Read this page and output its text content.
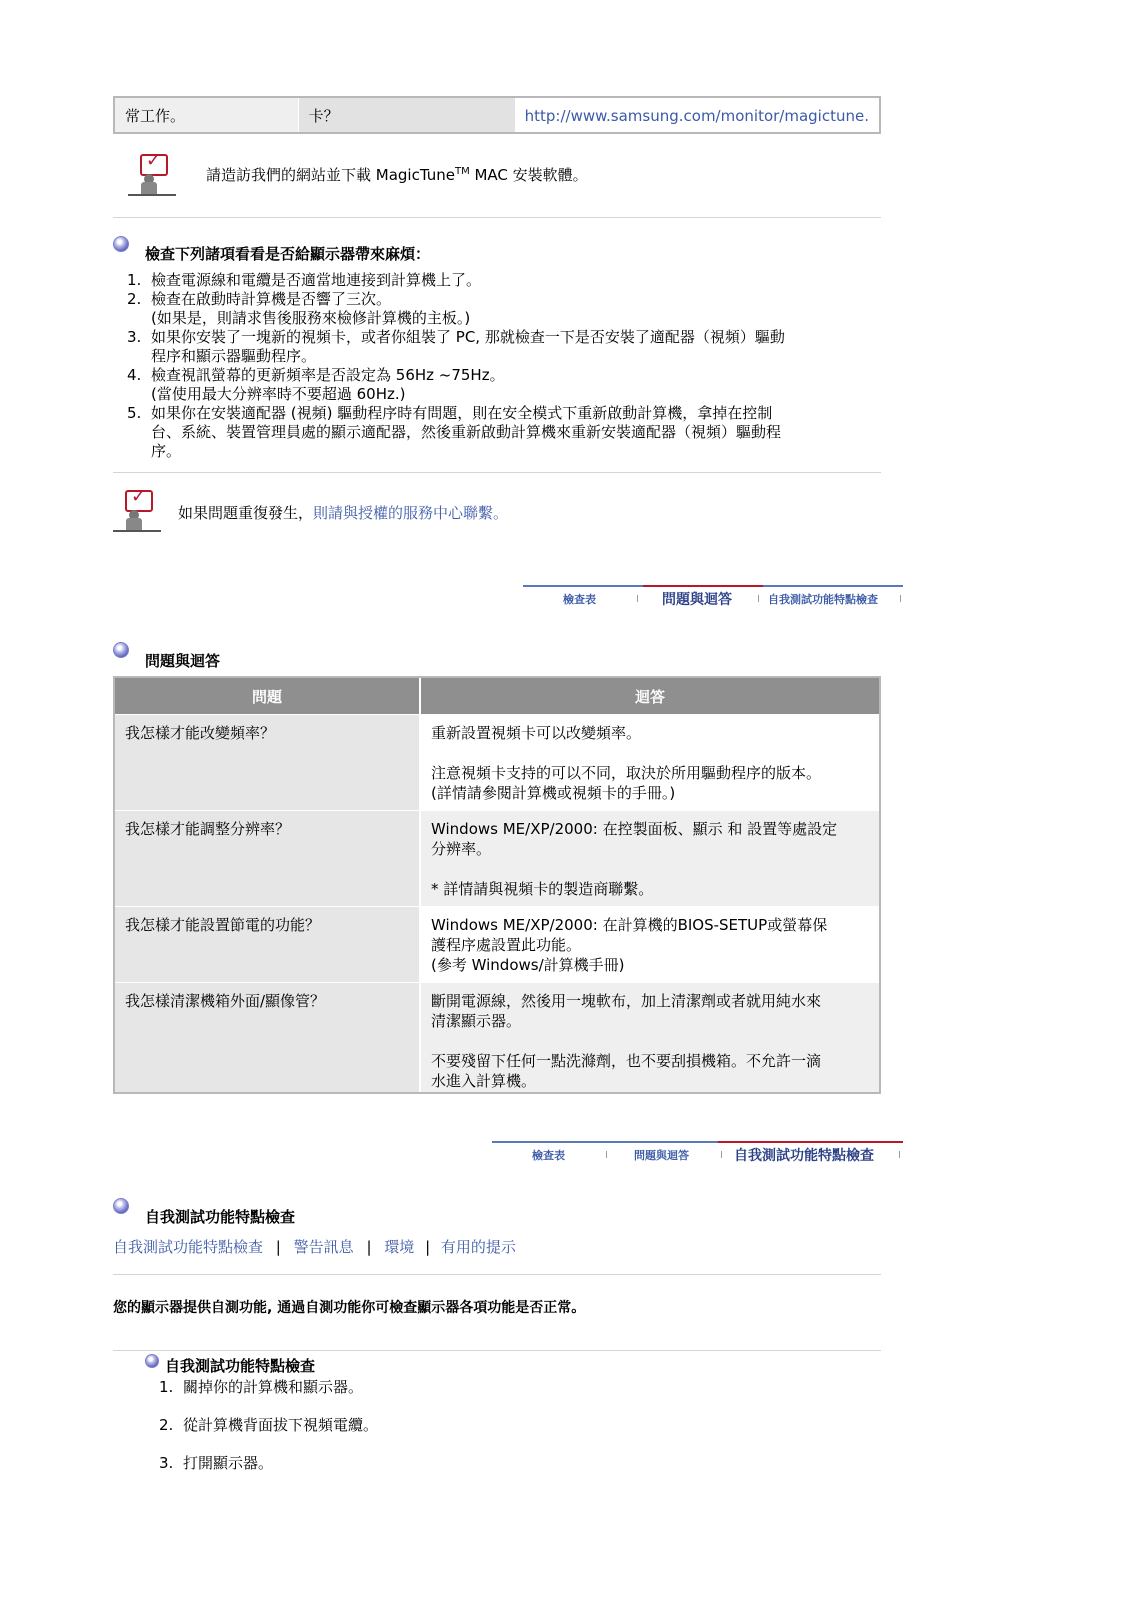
常工作。	卡？	http://www.samsung.com/monitor/magictune.
✓
請造訪我們的網站並下載 MagicTune™ MAC 安裝軟體。
檢查下列諸項看看是否給顯示器帶來麻煩：
1. 檢查電源線和電纜是否適當地連接到計算機上了。
2. 檢查在啟動時計算機是否響了三次。
(如果是，則請求售後服務來檢修計算機的主板。)
3. 如果你安裝了一塊新的視頻卡，或者你組裝了 PC, 那就檢查一下是否安裝了適配器（視頻）驅動
程序和顯示器驅動程序。
4. 檢查視訊螢幕的更新頻率是否設定為 56Hz ~75Hz。
(當使用最大分辨率時不要超過 60Hz.)
5. 如果你在安裝適配器 (視頻) 驅動程序時有問題，則在安全模式下重新啟動計算機，拿掉在控制
台、系統、裝置管理員處的顯示適配器，然後重新啟動計算機來重新安裝適配器（視頻）驅動程
序。
✓
如果問題重復發生，則請與授權的服務中心聯繫。
檢查表	I 問題與迴答	I 自我測試功能特點檢查 I
問題與迴答
問題	迴答
我怎樣才能改變頻率？	重新設置視頻卡可以改變頻率。

注意視頻卡支持的可以不同，取決於所用驅動程序的版本。
(詳情請參閱計算機或視頻卡的手冊。)

我怎樣才能調整分辨率？	Windows ME/XP/2000: 在控製面板、顯示 和 設置等處設定
分辨率。

* 詳情請與視頻卡的製造商聯繫。

我怎樣才能設置節電的功能？	Windows ME/XP/2000: 在計算機的BIOS-SETUP或螢幕保
護程序處設置此功能。
(參考 Windows/計算機手冊)
我怎樣清潔機箱外面/顯像管？	斷開電源線，然後用一塊軟布，加上清潔劑或者就用純水來
清潔顯示器。

不要殘留下任何一點洗滌劑，也不要刮損機箱。不允許一滴
水進入計算機。

檢查表	I 問題與迴答	I 自我測試功能特點檢查 I
自我測試功能特點檢查
自我測試功能特點檢查 | 警告訊息 | 環境 | 有用的提示
您的顯示器提供自測功能, 通過自測功能你可檢查顯示器各項功能是否正常。
自我測試功能特點檢查
1. 關掉你的計算機和顯示器。
2. 從計算機背面拔下視頻電纜。
3. 打開顯示器。
